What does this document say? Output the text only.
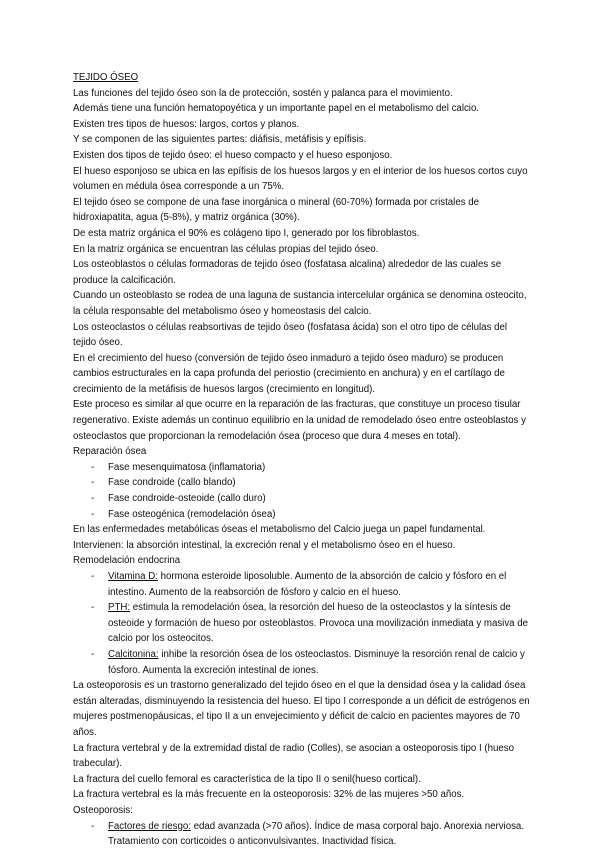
TEJIDO ÓSEO
Las funciones del tejido óseo son la de protección, sostén y palanca para el movimiento.
Además tiene una función hematopoyética y un importante papel en el metabolismo del calcio.
Existen tres tipos de huesos: largos, cortos y planos.
Y se componen de las siguientes partes: diáfisis, metáfisis y epífisis.
Existen dos tipos de tejido óseo: el hueso compacto y el hueso esponjoso.
El hueso esponjoso se ubica en las epífisis de los huesos largos y en el interior de los huesos cortos cuyo volumen en médula ósea corresponde a un 75%.
El tejido óseo se compone de una fase inorgánica o mineral (60-70%) formada por cristales de hidroxiapatita, agua (5-8%), y matriz orgánica (30%).
De esta matriz orgánica el 90% es colágeno tipo I, generado por los fibroblastos.
En la matriz orgánica se encuentran las células propias del tejido óseo.
Los osteoblastos o células formadoras de tejido óseo (fosfatasa alcalina) alrededor de las cuales se produce la calcificación.
Cuando un osteoblasto se rodea de una laguna de sustancia intercelular orgánica se denomina osteocito, la célula responsable del metabolismo óseo y homeostasis del calcio.
Los osteoclastos o células reabsortivas de tejido óseo (fosfatasa ácida) son el otro tipo de células del tejido óseo.
En el crecimiento del hueso (conversión de tejido óseo inmaduro a tejido óseo maduro) se producen cambios estructurales en la capa profunda del periostio (crecimiento en anchura) y en el cartílago de crecimiento de la metáfisis de huesos largos (crecimiento en longitud).
Este proceso es similar al que ocurre en la reparación de las fracturas, que constituye un proceso tisular regenerativo. Existe además un continuo equilibrio en la unidad de remodelado óseo entre osteoblastos y osteoclastos que proporcionan la remodelación ósea (proceso que dura 4 meses en total).
Reparación ósea
- Fase mesenquimatosa (inflamatoria)
- Fase condroide (callo blando)
- Fase condroide-osteoide (callo duro)
- Fase osteogénica (remodelación ósea)
En las enfermedades metabólicas óseas el metabolismo del Calcio juega un papel fundamental.
Intervienen: la absorción intestinal, la excreción renal y el metabolismo óseo en el hueso.
Remodelación endocrina
- Vitamina D: hormona esteroide liposoluble. Aumento de la absorción de calcio y fósforo en el intestino. Aumento de la reabsorción de fósforo y calcio en el hueso.
- PTH: estimula la remodelación ósea, la resorción del hueso de la osteoclastos y la síntesis de osteoide y formación de hueso por osteoblastos. Provoca una movilización inmediata y masiva de calcio por los osteocitos.
- Calcitonina: inhibe la resorción ósea de los osteoclastos. Disminuye la resorción renal de calcio y fósforo. Aumenta la excreción intestinal de iones.
La osteoporosis es un trastorno generalizado del tejido óseo en el que la densidad ósea y la calidad ósea están alteradas, disminuyendo la resistencia del hueso. El tipo I corresponde a un déficit de estrógenos en mujeres postmenopáusicas, el tipo II a un envejecimiento y déficit de calcio en pacientes mayores de 70 años.
La fractura vertebral y de la extremidad distal de radio (Colles), se asocian a osteoporosis tipo I (hueso trabecular).
La fractura del cuello femoral es característica de la tipo II o senil(hueso cortical).
La fractura vertebral es la más frecuente en la osteoporosis: 32% de las mujeres >50 años.
Osteoporosis:
- Factores de riesgo: edad avanzada (>70 años). Índice de masa corporal bajo. Anorexia nerviosa. Tratamiento con corticoides o anticonvulsivantes. Inactividad física.
